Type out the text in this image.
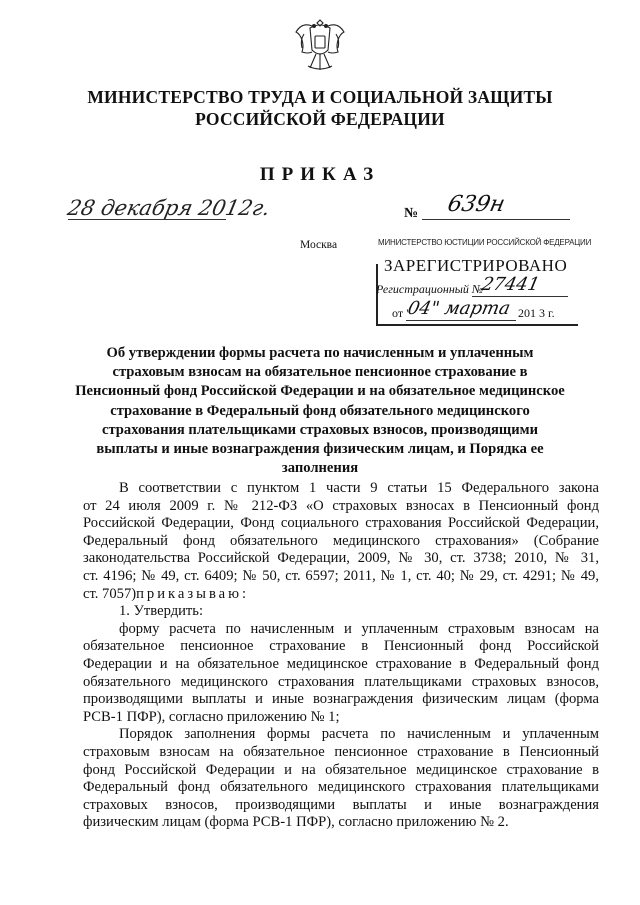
МИНИСТЕРСТВО ТРУДА И СОЦИАЛЬНОЙ ЗАЩИТЫ
РОССИЙСКОЙ ФЕДЕРАЦИИ
ПРИКАЗ
28 декабря 2012г.	№ 639н
Москва	МИНИСТЕРСТВО ЮСТИЦИИ РОССИЙСКОЙ ФЕДЕРАЦИИ
ЗАРЕГИСТРИРОВАНО
Регистрационный №
27441
от "
04" марта 201 3 г.
Об утверждении формы расчета по начисленным и уплаченным
страховым взносам на обязательное пенсионное страхование в
Пенсионный фонд Российской Федерации и на обязательное медицинское
страхование в Федеральный фонд обязательного медицинского
страхования плательщиками страховых взносов, производящими
выплаты и иные вознаграждения физическим лицам, и Порядка ее
заполнения
В соответствии с пунктом 1 части 9 статьи 15 Федерального закона
от 24 июля 2009 г. № 212-ФЗ «О страховых взносах в Пенсионный фонд
Российской Федерации, Фонд социального страхования Российской Федерации,
Федеральный фонд обязательного медицинского страхования» (Собрание
законодательства Российской Федерации, 2009, № 30, ст. 3738; 2010, № 31,
ст. 4196; № 49, ст. 6409; № 50, ст. 6597; 2011, № 1, ст. 40; № 29, ст. 4291; № 49,
ст. 7057)приказываю:
1. Утвердить:
форму расчета по начисленным и уплаченным страховым взносам на
обязательное пенсионное страхование в Пенсионный фонд Российской
Федерации и на обязательное медицинское страхование в Федеральный фонд
обязательного медицинского страхования плательщиками страховых взносов,
производящими выплаты и иные вознаграждения физическим лицам (форма
РСВ-1 ПФР), согласно приложению № 1;
Порядок заполнения формы расчета по начисленным и уплаченным
страховым взносам на обязательное пенсионное страхование в Пенсионный
фонд Российской Федерации и на обязательное медицинское страхование в
Федеральный фонд обязательного медицинского страхования плательщиками
страховых взносов, производящими выплаты и иные вознаграждения
физическим лицам (форма РСВ-1 ПФР), согласно приложению № 2.
